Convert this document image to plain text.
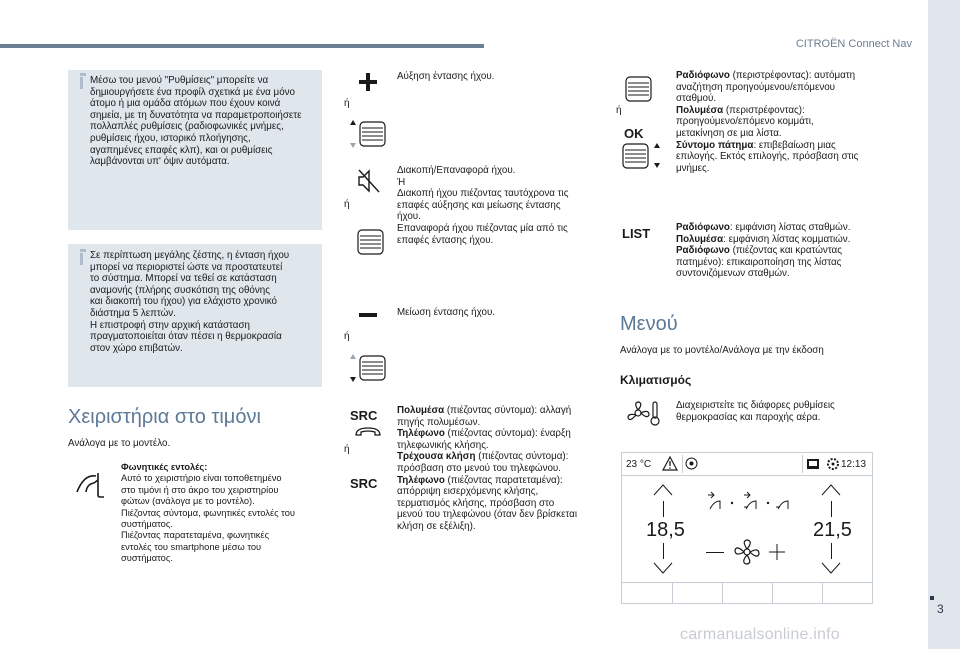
CITROËN Connect Nav
3
carmanualsonline.info
Μέσω του μενού "Ρυθμίσεις" μπορείτε να
δημιουργήσετε ένα προφίλ σχετικά με ένα μόνο
άτομο ή μια ομάδα ατόμων που έχουν κοινά
σημεία, με τη δυνατότητα να παραμετροποιήσετε
πολλαπλές ρυθμίσεις (ραδιοφωνικές μνήμες,
ρυθμίσεις ήχου, ιστορικό πλοήγησης,
αγαπημένες επαφές κλπ), και οι ρυθμίσεις
λαμβάνονται υπ' όψιν αυτόματα.
Σε περίπτωση μεγάλης ζέστης, η ένταση ήχου
μπορεί να περιοριστεί ώστε να προστατευτεί
το σύστημα. Μπορεί να τεθεί σε κατάσταση
αναμονής (πλήρης συσκότιση της οθόνης
και διακοπή του ήχου) για ελάχιστο χρονικό
διάστημα 5 λεπτών.
Η επιστροφή στην αρχική κατάσταση
πραγματοποιείται όταν πέσει η θερμοκρασία
στον χώρο επιβατών.
Χειριστήρια στο τιμόνι
Ανάλογα με το μοντέλο.
Φωνητικές εντολές:
Αυτό το χειριστήριο είναι τοποθετημένο
στο τιμόνι ή στο άκρο του χειριστηρίου
φώτων (ανάλογα με το μοντέλο).
Πιέζοντας σύντομα, φωνητικές εντολές του
συστήματος.
Πιέζοντας παρατεταμένα, φωνητικές
εντολές του smartphone μέσω του
συστήματος.
ή
Αύξηση έντασης ήχου.
ή
Διακοπή/Επαναφορά ήχου.
Ή
Διακοπή ήχου πιέζοντας ταυτόχρονα τις
επαφές αύξησης και μείωσης έντασης
ήχου.
Επαναφορά ήχου πιέζοντας μία από τις
επαφές έντασης ήχου.
ή
Μείωση έντασης ήχου.
SRC
ή
SRC
Πολυμέσα (πιέζοντας σύντομα): αλλαγή
πηγής πολυμέσων.
Τηλέφωνο (πιέζοντας σύντομα): έναρξη
τηλεφωνικής κλήσης.
Τρέχουσα κλήση (πιέζοντας σύντομα):
πρόσβαση στο μενού του τηλεφώνου.
Τηλέφωνο (πιέζοντας παρατεταμένα):
απόρριψη εισερχόμενης κλήσης,
τερματισμός κλήσης, πρόσβαση στο
μενού του τηλεφώνου (όταν δεν βρίσκεται
κλήση σε εξέλιξη).
ή
OK
Ραδιόφωνο (περιστρέφοντας): αυτόματη
αναζήτηση προηγούμενου/επόμενου
σταθμού.
Πολυμέσα (περιστρέφοντας):
προηγούμενο/επόμενο κομμάτι,
μετακίνηση σε μια λίστα.
Σύντομο πάτημα: επιβεβαίωση μιας
επιλογής. Εκτός επιλογής, πρόσβαση στις
μνήμες.
LIST	Ραδιόφωνο: εμφάνιση λίστας σταθμών.
Πολυμέσα: εμφάνιση λίστας κομματιών.
Ραδιόφωνο (πιέζοντας και κρατώντας
πατημένο): επικαιροποίηση της λίστας
συντονιζόμενων σταθμών.
Μενού
Ανάλογα με το μοντέλο/Ανάλογα με την έκδοση
Κλιματισμός
Διαχειριστείτε τις διάφορες ρυθμίσεις
θερμοκρασίας και παροχής αέρα.
23 °C	12:13
18,5	21,5
